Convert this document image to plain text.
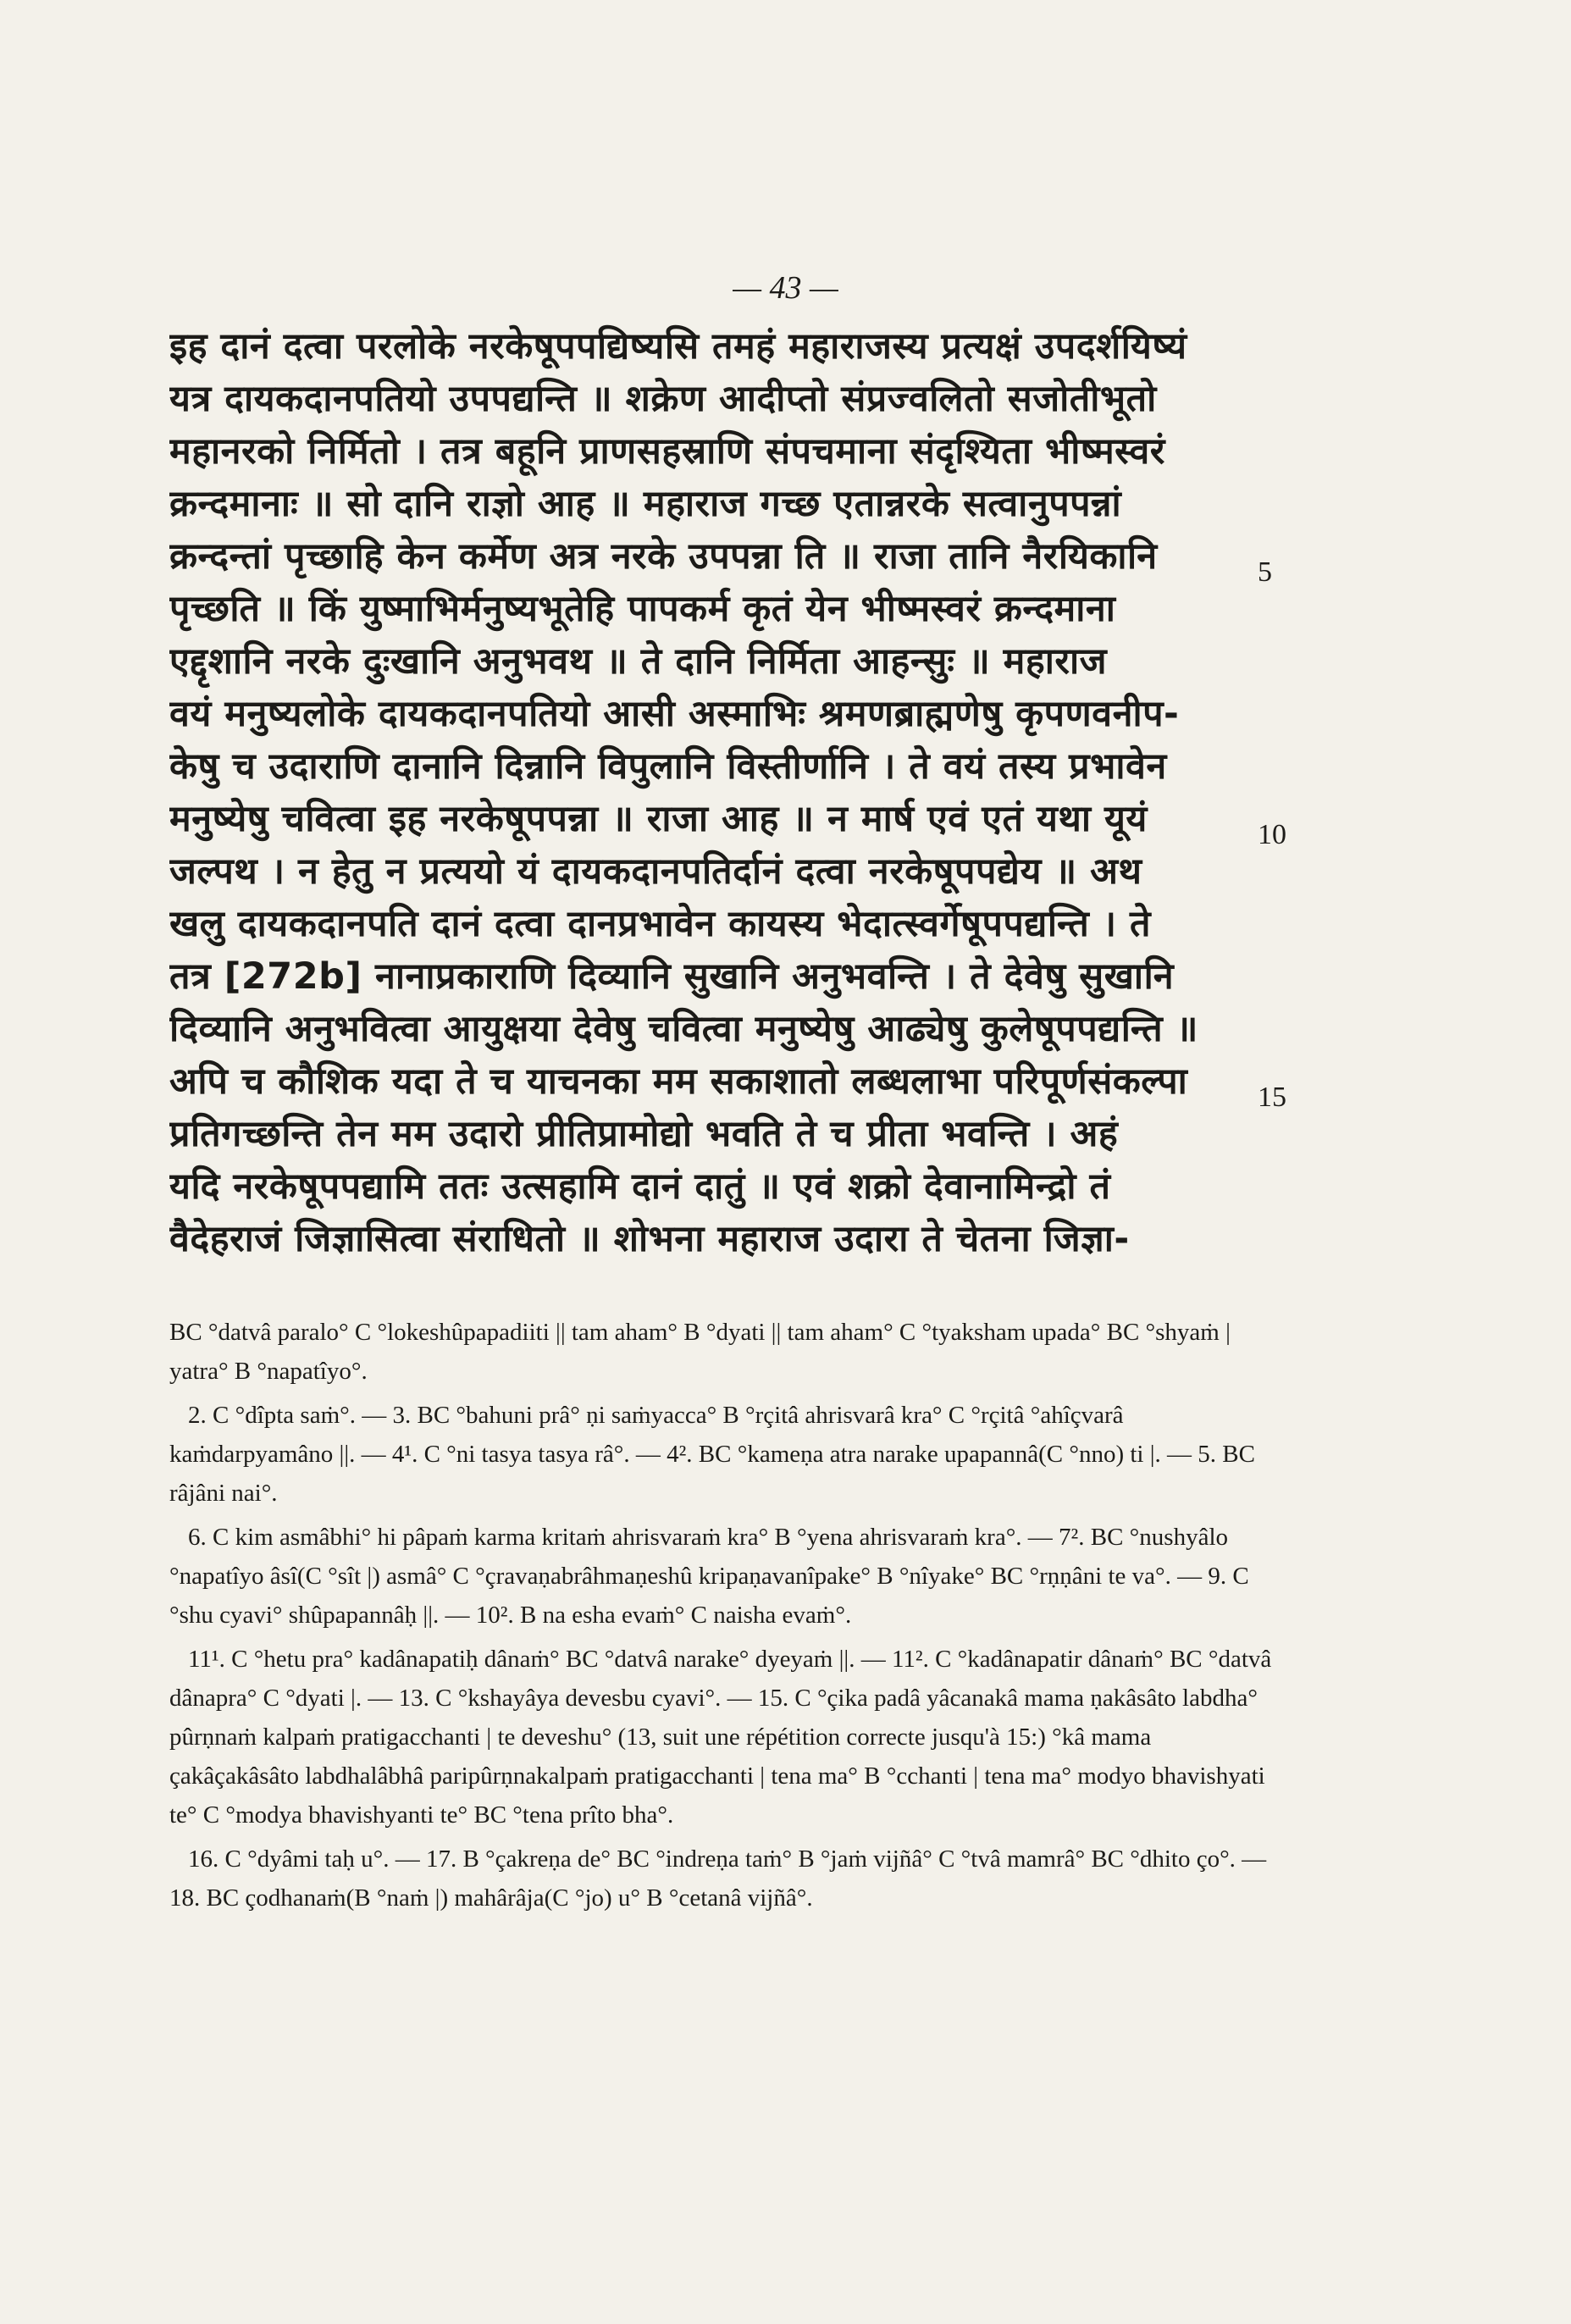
— 43 —
इह दानं दत्वा परलोके नरकेषूपपद्यिष्यसि तमहं महाराजस्य प्रत्यक्षं उपदर्शयिष्यं
यत्र दायकदानपतियो उपपद्यन्ति ॥ शक्रेण आदीप्तो संप्रज्वलितो सजोतीभूतो
महानरको निर्मितो । तत्र बहूनि प्राणसहस्राणि संपचमाना संदृश्यिता भीष्मस्वरं
क्रन्दमानाः ॥ सो दानि राज्ञो आह ॥ महाराज गच्छ एतान्नरके सत्वानुपपन्नां
क्रन्दन्तां पृच्छाहि केन कर्मेण अत्र नरके उपपन्ना ति ॥ राजा तानि नैरयिकानि
पृच्छति ॥ किं युष्माभिर्मनुष्यभूतेहि पापकर्म कृतं येन भीष्मस्वरं क्रन्दमाना
एद्दृशानि नरके दुःखानि अनुभवथ ॥ ते दानि निर्मिता आहन्सुः ॥ महाराज
वयं मनुष्यलोके दायकदानपतियो आसी अस्माभिः श्रमणब्राह्मणेषु कृपणवनीप-
केषु च उदाराणि दानानि दिन्नानि विपुलानि विस्तीर्णानि । ते वयं तस्य प्रभावेन
मनुष्येषु चवित्वा इह नरकेषूपपन्ना ॥ राजा आह ॥ न मार्ष एवं एतं यथा यूयं
जल्पथ । न हेतु न प्रत्ययो यं दायकदानपतिर्दानं दत्वा नरकेषूपपद्येय ॥ अथ
खलु दायकदानपति दानं दत्वा दानप्रभावेन कायस्य भेदात्स्वर्गेषूपपद्यन्ति । ते
तत्र [272b] नानाप्रकाराणि दिव्यानि सुखानि अनुभवन्ति । ते देवेषु सुखानि
दिव्यानि अनुभवित्वा आयुक्षया देवेषु चवित्वा मनुष्येषु आढ्येषु कुलेषूपपद्यन्ति ॥
अपि च कौशिक यदा ते च याचनका मम सकाशातो लब्धलाभा परिपूर्णसंकल्पा
प्रतिगच्छन्ति तेन मम उदारो प्रीतिप्रामोद्यो भवति ते च प्रीता भवन्ति । अहं
यदि नरकेषूपपद्यामि ततः उत्सहामि दानं दातुं ॥ एवं शक्रो देवानामिन्द्रो तं
वैदेहराजं जिज्ञासित्वा संराधितो ॥ शोभना महाराज उदारा ते चेतना जिज्ञा-
5
10
15

BC °datvâ paralo° C °lokeshûpapadiiti || tam aham° B °dyati || tam aham° C °tyaksham upada° BC °shyaṁ | yatra° B °napatîyo°.

2. C °dîpta saṁ°. — 3. BC °bahuni prâ° ṇi saṁyacca° B °rçitâ ahrisvarâ kra° C °rçitâ °ahîçvarâ kaṁdarpyamâno ||. — 4¹. C °ni tasya tasya râ°. — 4². BC °kameṇa atra narake upapannâ(C °nno) ti |. — 5. BC râjâni nai°.

6. C kim asmâbhi° hi pâpaṁ karma kritaṁ ahrisvaraṁ kra° B °yena ahrisvaraṁ kra°. — 7². BC °nushyâlo °napatîyo âsî(C °sît |) asmâ° C °çravaṇabrâhmaṇeshû kripaṇavanîpake° B °nîyake° BC °rṇṇâni te va°. — 9. C °shu cyavi° shûpapannâḥ ||. — 10². B na esha evaṁ° C naisha evaṁ°.

11¹. C °hetu pra° kadânapatiḥ dânaṁ° BC °datvâ narake° dyeyaṁ ||. — 11². C °kadânapatir dânaṁ° BC °datvâ dânapra° C °dyati |. — 13. C °kshayâya devesbu cyavi°. — 15. C °çika padâ yâcanakâ mama ṇakâsâto labdha° pûrṇnaṁ kalpaṁ pratigacchanti | te deveshu° (13, suit une répétition correcte jusqu'à 15:) °kâ mama çakâçakâsâto labdhalâbhâ paripûrṇnakalpaṁ pratigacchanti | tena ma° B °cchanti | tena ma° modyo bhavishyati te° C °modya bhavishyanti te° BC °tena prîto bha°.

16. C °dyâmi taḥ u°. — 17. B °çakreṇa de° BC °indreṇa taṁ° B °jaṁ vijñâ° C °tvâ mamrâ° BC °dhito ço°. — 18. BC çodhanaṁ(B °naṁ |) mahârâja(C °jo) u° B °cetanâ vijñâ°.
